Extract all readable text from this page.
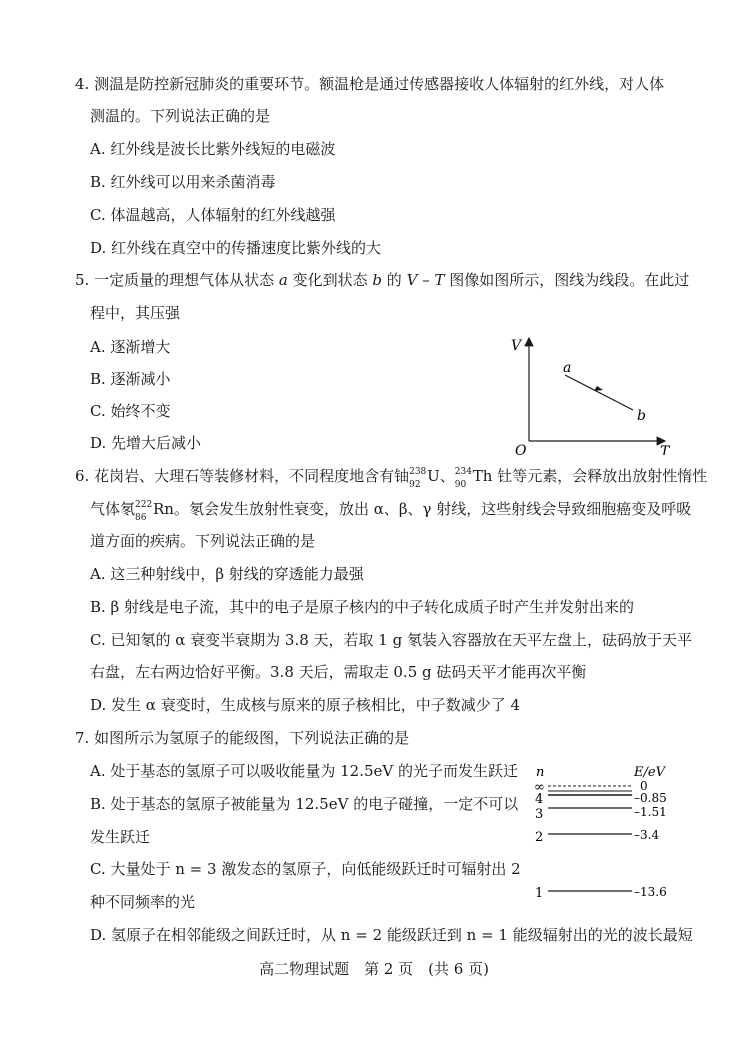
4. 测温是防控新冠肺炎的重要环节。额温枪是通过传感器接收人体辐射的红外线，对人体
测温的。下列说法正确的是
A. 红外线是波长比紫外线短的电磁波
B. 红外线可以用来杀菌消毒
C. 体温越高，人体辐射的红外线越强
D. 红外线在真空中的传播速度比紫外线的大
5. 一定质量的理想气体从状态 a 变化到状态 b 的 V – T 图像如图所示，图线为线段。在此过
程中，其压强
A. 逐渐增大
B. 逐渐减小
C. 始终不变
D. 先增大后减小
V
T
O
a
b
6. 花岗岩、大理石等装修材料，不同程度地含有铀 238
92 U、 234
90 Th 钍等元素，会释放出放射性惰性
气体氡 222
86 Rn。氡会发生放射性衰变，放出 α、β、γ 射线，这些射线会导致细胞癌变及呼吸
道方面的疾病。下列说法正确的是
A. 这三种射线中，β 射线的穿透能力最强
B. β 射线是电子流，其中的电子是原子核内的中子转化成质子时产生并发射出来的
C. 已知氡的 α 衰变半衰期为 3.8 天，若取 1 g 氡装入容器放在天平左盘上，砝码放于天平
右盘，左右两边恰好平衡。3.8 天后，需取走 0.5 g 砝码天平才能再次平衡
D. 发生 α 衰变时，生成核与原来的原子核相比，中子数减少了 4
7. 如图所示为氢原子的能级图，下列说法正确的是
A. 处于基态的氢原子可以吸收能量为 12.5eV 的光子而发生跃迁
B. 处于基态的氢原子被能量为 12.5eV 的电子碰撞，一定不可以
发生跃迁
C. 大量处于 n = 3 激发态的氢原子，向低能级跃迁时可辐射出 2
种不同频率的光
D. 氢原子在相邻能级之间跃迁时，从 n = 2 能级跃迁到 n = 1 能级辐射出的光的波长最短
n	E/eV
∞	0
4	–0.85
3	–1.51
2	–3.4
1	–13.6
高二物理试题　第 2 页　(共 6 页)
